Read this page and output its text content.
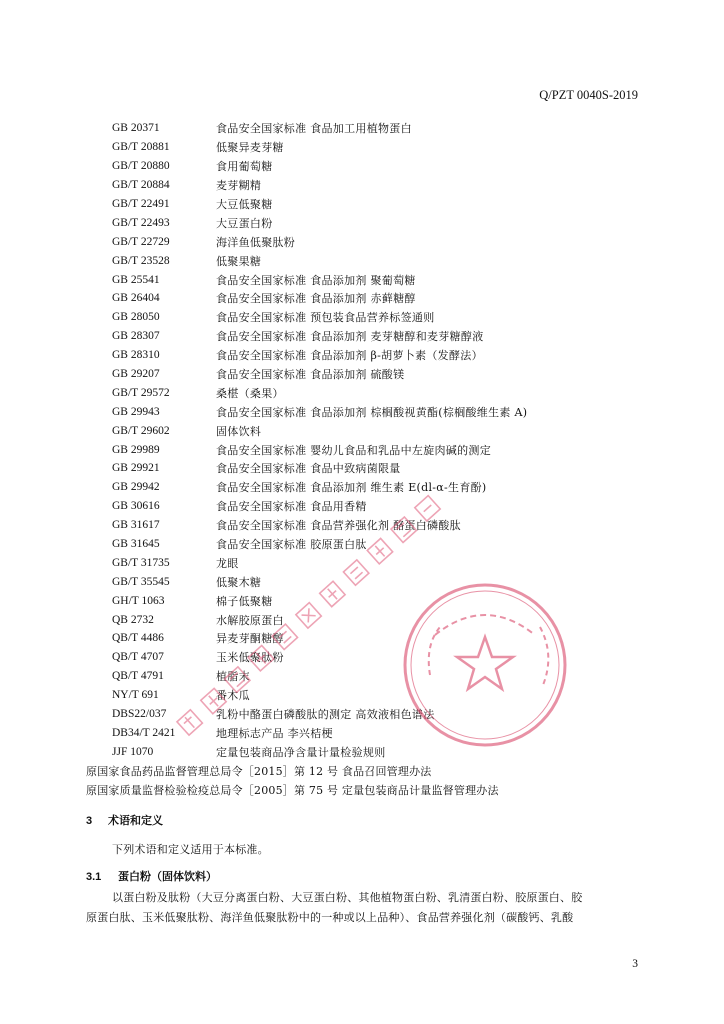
Q/PZT 0040S-2019
GB 20371	食品安全国家标准 食品加工用植物蛋白
GB/T 20881	低聚异麦芽糖
GB/T 20880	食用葡萄糖
GB/T 20884	麦芽糊精
GB/T 22491	大豆低聚糖
GB/T 22493	大豆蛋白粉
GB/T 22729	海洋鱼低聚肽粉
GB/T 23528	低聚果糖
GB 25541	食品安全国家标准 食品添加剂 聚葡萄糖
GB 26404	食品安全国家标准 食品添加剂 赤藓糖醇
GB 28050	食品安全国家标准 预包装食品营养标签通则
GB 28307	食品安全国家标准 食品添加剂 麦芽糖醇和麦芽糖醇液
GB 28310	食品安全国家标准 食品添加剂 β-胡萝卜素（发酵法）
GB 29207	食品安全国家标准 食品添加剂 硫酸镁
GB/T 29572	桑椹（桑果）
GB 29943	食品安全国家标准 食品添加剂 棕榈酸视黄酯(棕榈酸维生素 A)
GB/T 29602	固体饮料
GB 29989	食品安全国家标准 婴幼儿食品和乳品中左旋肉碱的测定
GB 29921	食品安全国家标准 食品中致病菌限量
GB 29942	食品安全国家标准 食品添加剂 维生素 E(dl-α-生育酚)
GB 30616	食品安全国家标准 食品用香精
GB 31617	食品安全国家标准 食品营养强化剂 酪蛋白磷酸肽
GB 31645	食品安全国家标准 胶原蛋白肽
GB/T 31735	龙眼
GB/T 35545	低聚木糖
GH/T 1063	棉子低聚糖
QB 2732	水解胶原蛋白
QB/T 4486	异麦芽酮糖醇
QB/T 4707	玉米低聚肽粉
QB/T 4791	植脂末
NY/T 691	番木瓜
DBS22/037	乳粉中酪蛋白磷酸肽的测定 高效液相色谱法
DB34/T 2421	地理标志产品 李兴桔梗
JJF 1070	定量包装商品净含量计量检验规则
原国家食品药品监督管理总局令［2015］第 12 号 食品召回管理办法
原国家质量监督检验检疫总局令［2005］第 75 号 定量包装商品计量监督管理办法
3 术语和定义
下列术语和定义适用于本标准。
3.1 蛋白粉（固体饮料）
以蛋白粉及肽粉（大豆分离蛋白粉、大豆蛋白粉、其他植物蛋白粉、乳清蛋白粉、胶原蛋白、胶
原蛋白肽、玉米低聚肽粉、海洋鱼低聚肽粉中的一种或以上品种）、食品营养强化剂（碳酸钙、乳酸
3
